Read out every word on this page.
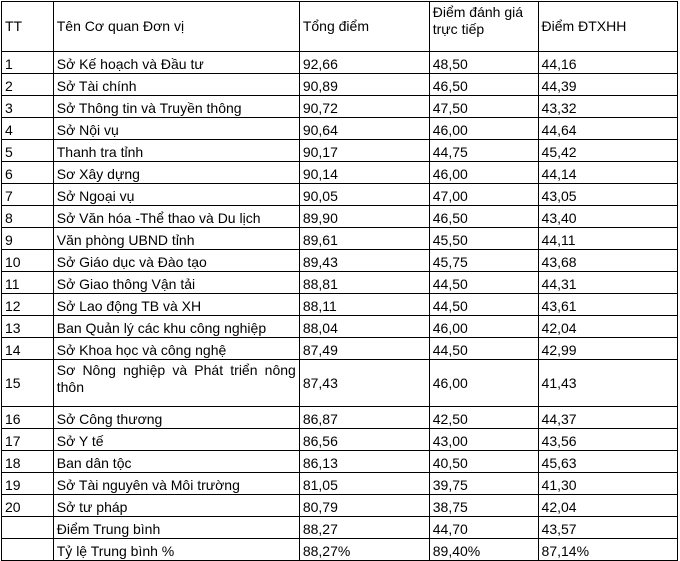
TT	Tên Cơ quan Đơn vị	Tổng điểm	Điểm đánh giá trực tiếp	Điểm ĐTXHH
1	Sở Kế hoạch và Đầu tư	92,66	48,50	44,16
2	Sở Tài chính	90,89	46,50	44,39
3	Sở Thông tin và Truyền thông	90,72	47,50	43,32
4	Sở Nội vụ	90,64	46,00	44,64
5	Thanh tra tỉnh	90,17	44,75	45,42
6	Sơ Xây dựng	90,14	46,00	44,14
7	Sở Ngoại vụ	90,05	47,00	43,05
8	Sở Văn hóa -Thể thao và Du lịch	89,90	46,50	43,40
9	Văn phòng UBND tỉnh	89,61	45,50	44,11
10	Sở Giáo dục và Đào tạo	89,43	45,75	43,68
11	Sở Giao thông Vận tải	88,81	44,50	44,31
12	Sở Lao động TB và XH	88,11	44,50	43,61
13	Ban Quản lý các khu công nghiệp	88,04	46,00	42,04
14	Sở Khoa học và công nghệ	87,49	44,50	42,99
15	Sơ Nông nghiệp và Phát triển nông thôn	87,43	46,00	41,43
16	Sở Công thương	86,87	42,50	44,37
17	Sở Y tế	86,56	43,00	43,56
18	Ban dân tộc	86,13	40,50	45,63
19	Sở Tài nguyên và Môi trường	81,05	39,75	41,30
20	Sở tư pháp	80,79	38,75	42,04
	Điểm Trung bình	88,27	44,70	43,57
	Tỷ lệ Trung bình %	88,27%	89,40%	87,14%
